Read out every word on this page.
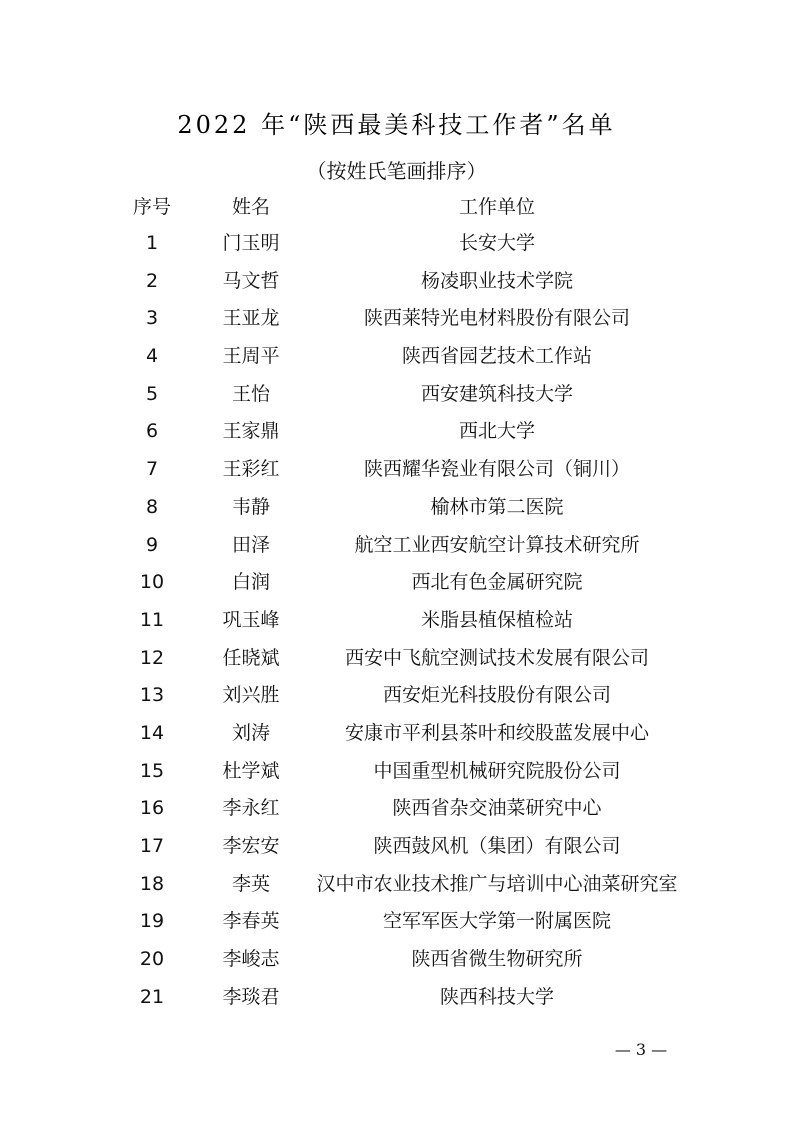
2022 年“陕西最美科技工作者”名单
（按姓氏笔画排序）
序号	姓名	工作单位
1	门玉明	长安大学
2	马文哲	杨凌职业技术学院
3	王亚龙	陕西莱特光电材料股份有限公司
4	王周平	陕西省园艺技术工作站
5	王怡	西安建筑科技大学
6	王家鼎	西北大学
7	王彩红	陕西耀华瓷业有限公司（铜川）
8	韦静	榆林市第二医院
9	田泽	航空工业西安航空计算技术研究所
10	白润	西北有色金属研究院
11	巩玉峰	米脂县植保植检站
12	任晓斌	西安中飞航空测试技术发展有限公司
13	刘兴胜	西安炬光科技股份有限公司
14	刘涛	安康市平利县茶叶和绞股蓝发展中心
15	杜学斌	中国重型机械研究院股份公司
16	李永红	陕西省杂交油菜研究中心
17	李宏安	陕西鼓风机（集团）有限公司
18	李英	汉中市农业技术推广与培训中心油菜研究室
19	李春英	空军军医大学第一附属医院
20	李峻志	陕西省微生物研究所
21	李琰君	陕西科技大学
— 3 —
